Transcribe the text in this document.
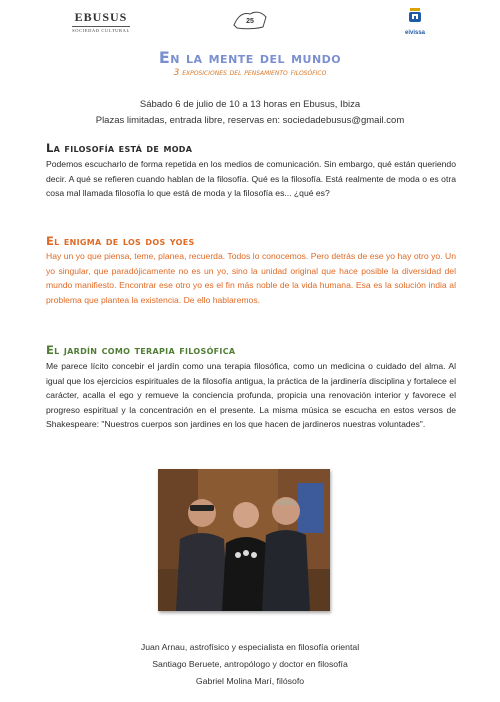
EBUSUS
SOCIEDAD CULTURAL
25
eivissa
En la mente del mundo
3 exposiciones del pensamiento filosófico
Sábado 6 de julio de 10 a 13 horas en Ebusus, Ibiza
Plazas limitadas, entrada libre, reservas en: sociedadebusus@gmail.com
La filosofía está de moda
Podemos escucharlo de forma repetida en los medios de comunicación. Sin embargo, qué están queriendo decir. A qué se refieren cuando hablan de la filosofía. Qué es la filosofía. Está realmente de moda o es otra cosa mal llamada filosofía lo que está de moda y la filosofía es... ¿qué es?
El enigma de los dos yoes
Hay un yo que piensa, teme, planea, recuerda. Todos lo conocemos. Pero detrás de ese yo hay otro yo. Un yo singular, que paradójicamente no es un yo, sino la unidad original que hace posible la diversidad del mundo manifiesto. Encontrar ese otro yo es el fin más noble de la vida humana. Esa es la solución india al problema que plantea la existencia. De ello hablaremos.
El jardín como terapia filosófica
Me parece lícito concebir el jardín como una terapia filosófica, como un medicina o cuidado del alma. Al igual que los ejercicios espirituales de la filosofía antigua, la práctica de la jardinería disciplina y fortalece el carácter, acalla el ego y remueve la conciencia profunda, propicia una renovación interior y favorece el progreso espiritual y la concentración en el presente. La misma música se escucha en estos versos de Shakespeare: "Nuestros cuerpos son jardines en los que hacen de jardineros nuestras voluntades".
Juan Arnau, astrofísico y especialista en filosofía oriental
Santiago Beruete, antropólogo y doctor en filosofía
Gabriel Molina Marí, filósofo
